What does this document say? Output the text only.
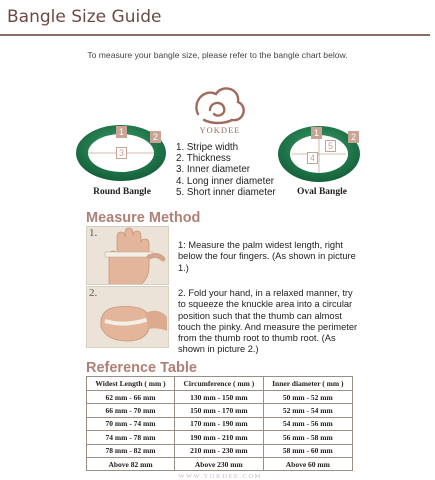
Bangle Size Guide
To measure your bangle size, please refer to the bangle chart below.
YOKDEE
1	2
3
Round Bangle
1. Stripe width
2. Thickness
3. Inner diameter
4. Long inner diameter
5. Short inner diameter
1	2
4
5
Oval Bangle
Measure Method
1.
1: Measure the palm widest length, right below the four fingers. (As shown in picture 1.)
2.	2. Fold your hand, in a relaxed manner, try to squeeze the knuckle area into a circular position such that the thumb can almost touch the pinky. And measure the perimeter from the thumb root to thumb root. (As shown in picture 2.)
Reference Table
Widest Length ( mm )	Circumference ( mm )	Inner diameter ( mm )
62 mm - 66 mm	130 mm - 150 mm	50 mm - 52 mm
66 mm - 70 mm	150 mm - 170 mm	52 mm - 54 mm
70 mm - 74 mm	170 mm - 190 mm	54 mm - 56 mm
74 mm - 78 mm	190 mm - 210 mm	56 mm - 58 mm
78 mm - 82 mm	210 mm - 230 mm	58 mm - 60 mm
Above 82 mm	Above 230 mm	Above 60 mm
WWW.YOKDEE.COM
